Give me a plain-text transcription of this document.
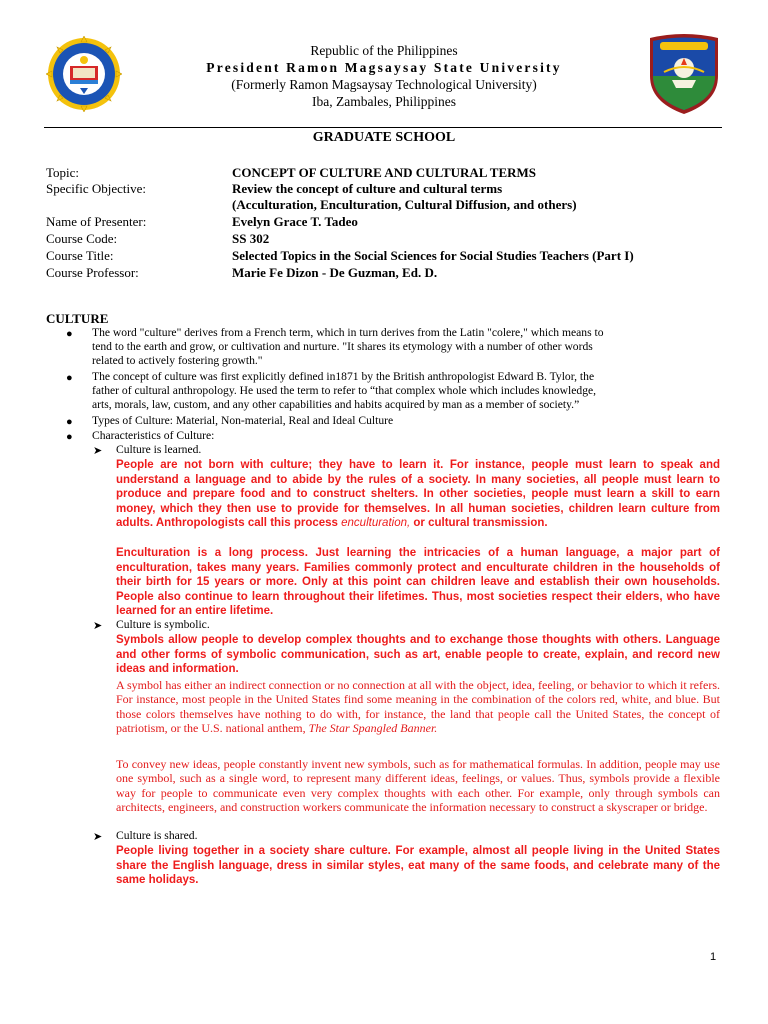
Republic of the Philippines
President Ramon Magsaysay State University
(Formerly Ramon Magsaysay Technological University)
Iba, Zambales, Philippines
GRADUATE SCHOOL
Topic:	CONCEPT OF CULTURE AND CULTURAL TERMS
Specific Objective:	Review the concept of culture and cultural terms
(Acculturation, Enculturation, Cultural Diffusion, and others)
Name of Presenter:	Evelyn Grace T. Tadeo
Course Code:	SS 302
Course Title:	Selected Topics in the Social Sciences for Social Studies Teachers (Part I)
Course Professor:	Marie Fe Dizon - De Guzman, Ed. D.
CULTURE
● The word "culture" derives from a French term, which in turn derives from the Latin "colere," which means to
tend to the earth and grow, or cultivation and nurture. "It shares its etymology with a number of other words
related to actively fostering growth."
● The concept of culture was first explicitly defined in1871 by the British anthropologist Edward B. Tylor, the
father of cultural anthropology. He used the term to refer to “that complex whole which includes knowledge,
arts, morals, law, custom, and any other capabilities and habits acquired by man as a member of society.”
● Types of Culture: Material, Non-material, Real and Ideal Culture
● Characteristics of Culture:
➤ Culture is learned.
People are not born with culture; they have to learn it. For instance, people must learn to speak and understand a language and to abide by the rules of a society. In many societies, all people must learn to produce and prepare food and to construct shelters. In other societies, people must learn a skill to earn money, which they then use to provide for themselves. In all human societies, children learn culture from adults. Anthropologists call this process enculturation, or cultural transmission.
Enculturation is a long process. Just learning the intricacies of a human language, a major part of enculturation, takes many years. Families commonly protect and enculturate children in the households of their birth for 15 years or more. Only at this point can children leave and establish their own households. People also continue to learn throughout their lifetimes. Thus, most societies respect their elders, who have learned for an entire lifetime.
➤ Culture is symbolic.
Symbols allow people to develop complex thoughts and to exchange those thoughts with others. Language and other forms of symbolic communication, such as art, enable people to create, explain, and record new ideas and information.
A symbol has either an indirect connection or no connection at all with the object, idea, feeling, or behavior to which it refers. For instance, most people in the United States find some meaning in the combination of the colors red, white, and blue. But those colors themselves have nothing to do with, for instance, the land that people call the United States, the concept of patriotism, or the U.S. national anthem, The Star Spangled Banner.
To convey new ideas, people constantly invent new symbols, such as for mathematical formulas. In addition, people may use one symbol, such as a single word, to represent many different ideas, feelings, or values. Thus, symbols provide a flexible way for people to communicate even very complex thoughts with each other. For example, only through symbols can architects, engineers, and construction workers communicate the information necessary to construct a skyscraper or bridge.
➤ Culture is shared.
People living together in a society share culture. For example, almost all people living in the United States share the English language, dress in similar styles, eat many of the same foods, and celebrate many of the same holidays.
1
